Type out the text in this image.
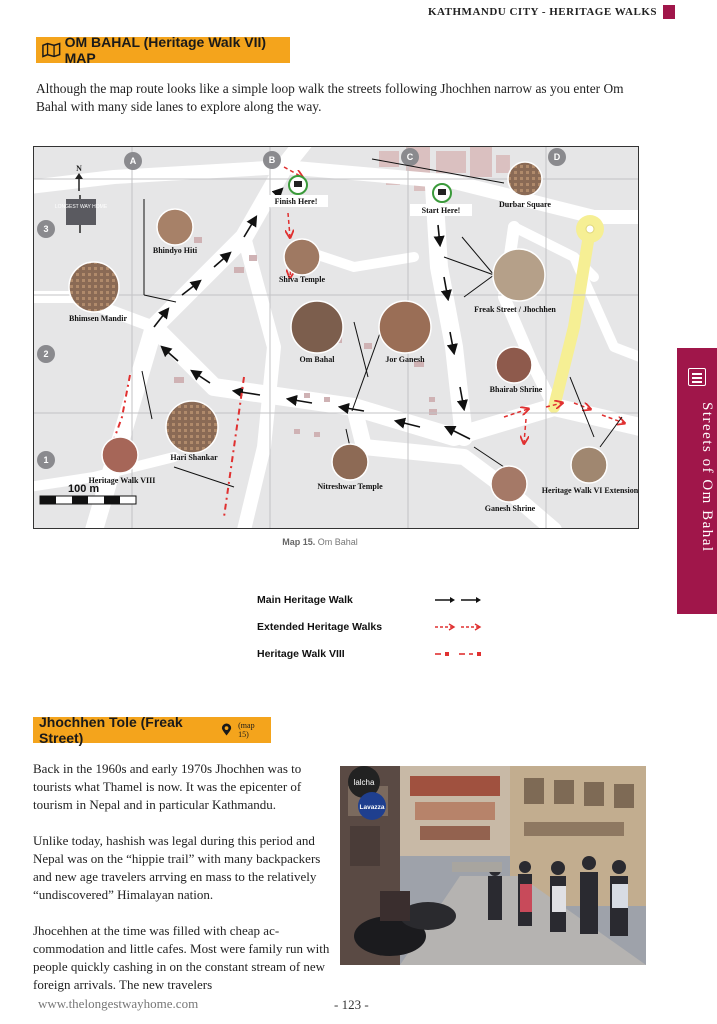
KATHMANDU CITY - HERITAGE WALKS
Streets of Om Bahal
OM BAHAL (Heritage Walk VII) MAP
Although the map route looks like a simple loop walk the streets following Jhochhen narrow as you enter Om Bahal with many side lanes to explore along the way.
A	B	C	D
3
2
1
N
LONGEST WAY HOME
100 m
Finish Here!
Start Here!
Durbar Square
Bhindyo Hiti
Shiva Temple
Bhimsen Mandir
Om Bahal	Jor Ganesh
Freak Street / Jhochhen
Bhairab Shrine
Hari Shankar
Heritage Walk VIII
Nitreshwar Temple
Ganesh Shrine
Heritage Walk VI Extension
Map 15. Om Bahal
Main Heritage Walk
Extended Heritage Walks
Heritage Walk VIII
Jhochhen Tole (Freak Street)
(map 15)

Back in the 1960s and early 1970s Jhochhen was to tourists what Thamel is now. It was the epicenter of tourism in Nepal and in particular Kathmandu.

Unlike today, hashish was legal during this period and Nepal was on the “hippie trail” with many backpackers and new age travelers arrving en mass to the relatively “undiscovered” Himalayan nation.

Jhocehhen at the time was filled with cheap ac-commodation and little cafes. Most were family run with people quickly cashing in on the constant stream of new foreign arrivals. The new travelers

lalcha
Lavazza
www.thelongestwayhome.com	- 123 -
